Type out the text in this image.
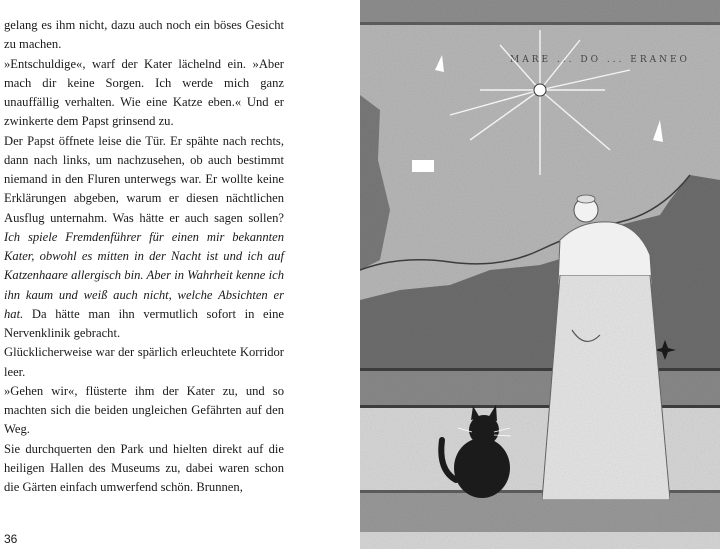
gelang es ihm nicht, dazu auch noch ein böses Gesicht zu machen.

»Entschuldige«, warf der Kater lächelnd ein. »Aber mach dir keine Sorgen. Ich werde mich ganz unauffällig verhalten. Wie eine Katze eben.« Und er zwinkerte dem Papst grinsend zu.

Der Papst öffnete leise die Tür. Er spähte nach rechts, dann nach links, um nachzusehen, ob auch bestimmt niemand in den Fluren unterwegs war. Er wollte keine Erklärungen abgeben, warum er diesen nächtlichen Ausflug unternahm. Was hätte er auch sagen sollen? Ich spiele Fremdenführer für einen mir bekannten Kater, obwohl es mitten in der Nacht ist und ich auf Katzenhaare allergisch bin. Aber in Wahrheit kenne ich ihn kaum und weiß auch nicht, welche Absichten er hat. Da hätte man ihn vermutlich sofort in eine Nervenklinik gebracht.

Glücklicherweise war der spärlich erleuchtete Korridor leer.

»Gehen wir«, flüsterte ihm der Kater zu, und so machten sich die beiden ungleichen Gefährten auf den Weg.

Sie durchquerten den Park und hielten direkt auf die heiligen Hallen des Museums zu, dabei waren schon die Gärten einfach umwerfend schön. Brunnen,

36
MARE ... DO ... ERANEO
